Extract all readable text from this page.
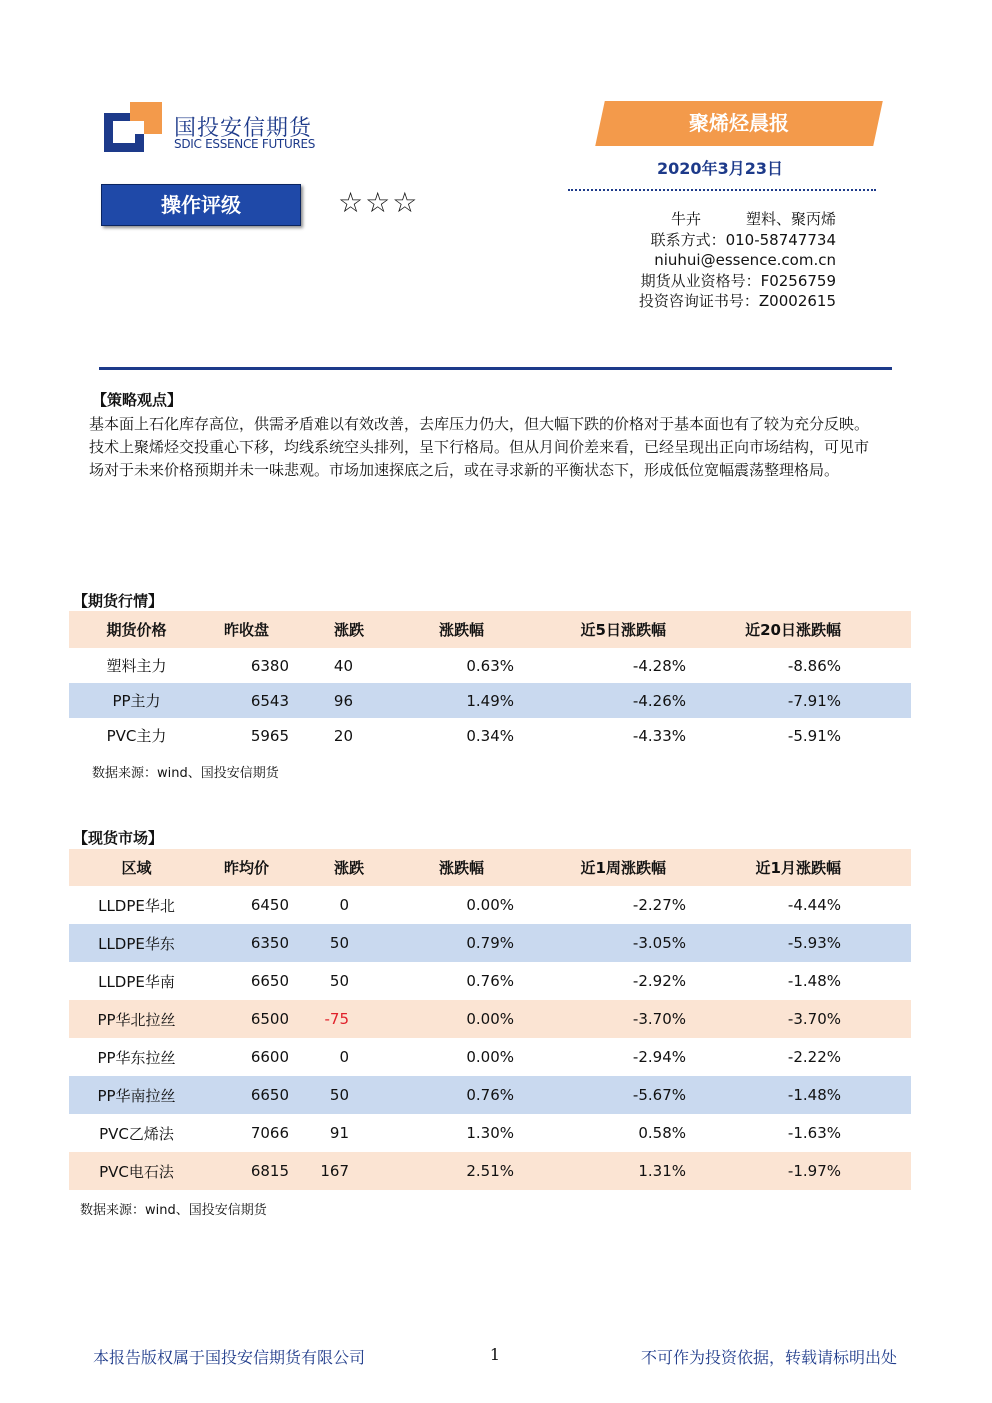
国投安信期货
SDIC ESSENCE FUTURES
聚烯烃晨报
2020年3月23日
操作评级	☆☆☆	牛卉　　　塑料、聚丙烯
联系方式：010-58747734
niuhui@essence.com.cn
期货从业资格号：F0256759
投资咨询证书号：Z0002615
【策略观点】
基本面上石化库存高位，供需矛盾难以有效改善，去库压力仍大，但大幅下跌的价格对于基本面也有了较为充分反映。技术上聚烯烃交投重心下移，均线系统空头排列，呈下行格局。但从月间价差来看，已经呈现出正向市场结构，可见市场对于未来价格预期并未一味悲观。市场加速探底之后，或在寻求新的平衡状态下，形成低位宽幅震荡整理格局。
【期货行情】
期货价格	昨收盘	涨跌	涨跌幅	近5日涨跌幅	近20日涨跌幅	
塑料主力	6380	40	0.63%	-4.28%	-8.86%	
PP主力	6543	96	1.49%	-4.26%	-7.91%	
PVC主力	5965	20	0.34%	-4.33%	-5.91%	
数据来源：wind、国投安信期货
【现货市场】
区域	昨均价	涨跌	涨跌幅	近1周涨跌幅	近1月涨跌幅	
LLDPE华北	6450	0	0.00%	-2.27%	-4.44%	
LLDPE华东	6350	50	0.79%	-3.05%	-5.93%	
LLDPE华南	6650	50	0.76%	-2.92%	-1.48%	
PP华北拉丝	6500	-75	0.00%	-3.70%	-3.70%	
PP华东拉丝	6600	0	0.00%	-2.94%	-2.22%	
PP华南拉丝	6650	50	0.76%	-5.67%	-1.48%	
PVC乙烯法	7066	91	1.30%	0.58%	-1.63%	
PVC电石法	6815	167	2.51%	1.31%	-1.97%	
数据来源：wind、国投安信期货
本报告版权属于国投安信期货有限公司	1	不可作为投资依据，转载请标明出处
